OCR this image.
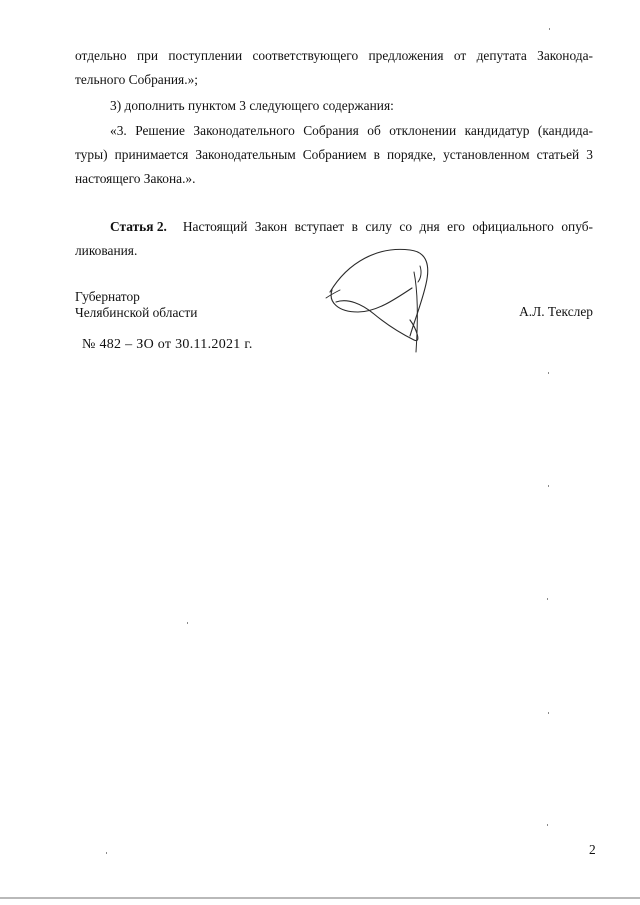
отдельно при поступлении соответствующего предложения от депутата Законода-
тельного Собрания.»;
3) дополнить пунктом 3 следующего содержания:
«3. Решение Законодательного Собрания об отклонении кандидатур (кандида-
туры) принимается Законодательным Собранием в порядке, установленном статьей 3
настоящего Закона.».
Статья 2. Настоящий Закон вступает в силу со дня его официального опуб-
ликования.
Губернатор
Челябинской области	А.Л. Текслер
№ 482 – ЗО от 30.11.2021 г.
2
